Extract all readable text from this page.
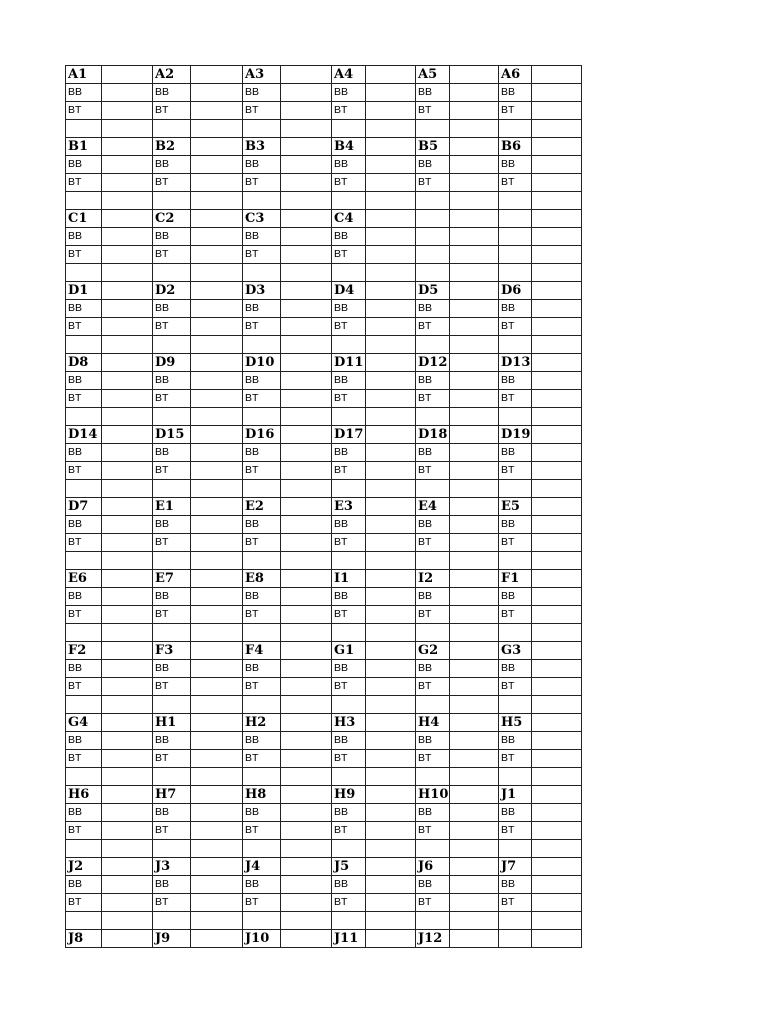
A1		A2		A3		A4		A5		A6	
BB		BB		BB		BB		BB		BB	
BT		BT		BT		BT		BT		BT	

B1		B2		B3		B4		B5		B6	
BB		BB		BB		BB		BB		BB	
BT		BT		BT		BT		BT		BT	

C1		C2		C3		C4					
BB		BB		BB		BB					
BT		BT		BT		BT					

D1		D2		D3		D4		D5		D6	
BB		BB		BB		BB		BB		BB	
BT		BT		BT		BT		BT		BT	

D8		D9		D10		D11		D12		D13	
BB		BB		BB		BB		BB		BB	
BT		BT		BT		BT		BT		BT	

D14		D15		D16		D17		D18		D19	
BB		BB		BB		BB		BB		BB	
BT		BT		BT		BT		BT		BT	

D7		E1		E2		E3		E4		E5	
BB		BB		BB		BB		BB		BB	
BT		BT		BT		BT		BT		BT	

E6		E7		E8		I1		I2		F1	
BB		BB		BB		BB		BB		BB	
BT		BT		BT		BT		BT		BT	

F2		F3		F4		G1		G2		G3	
BB		BB		BB		BB		BB		BB	
BT		BT		BT		BT		BT		BT	

G4		H1		H2		H3		H4		H5	
BB		BB		BB		BB		BB		BB	
BT		BT		BT		BT		BT		BT	

H6		H7		H8		H9		H10		J1	
BB		BB		BB		BB		BB		BB	
BT		BT		BT		BT		BT		BT	

J2		J3		J4		J5		J6		J7	
BB		BB		BB		BB		BB		BB	
BT		BT		BT		BT		BT		BT	

J8		J9		J10		J11		J12			
